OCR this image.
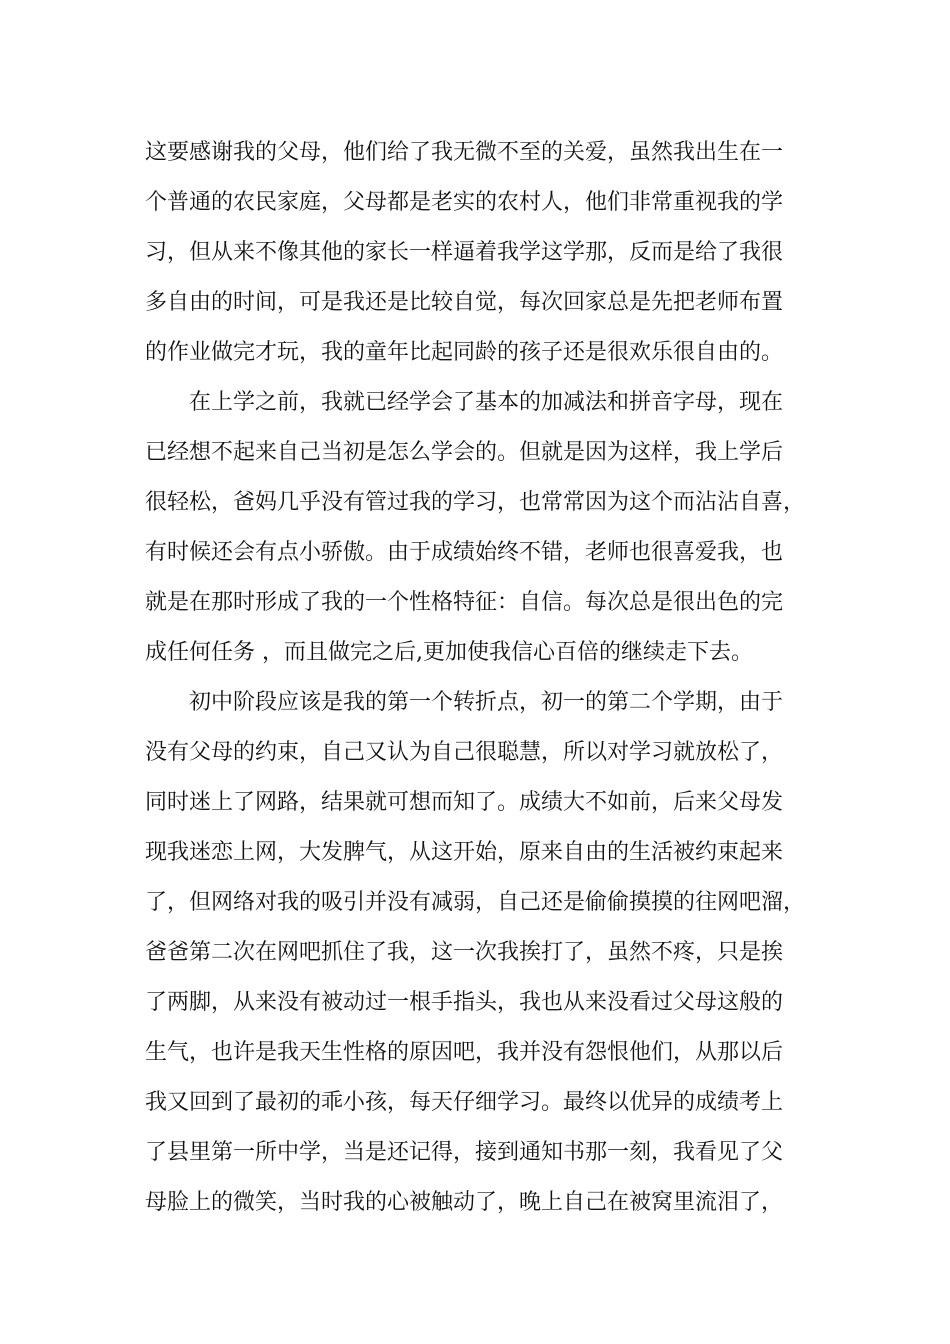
这要感谢我的父母，他们给了我无微不至的关爱，虽然我出生在一
个普通的农民家庭，父母都是老实的农村人，他们非常重视我的学
习，但从来不像其他的家长一样逼着我学这学那，反而是给了我很
多自由的时间，可是我还是比较自觉，每次回家总是先把老师布置
的作业做完才玩，我的童年比起同龄的孩子还是很欢乐很自由的。
在上学之前，我就已经学会了基本的加减法和拼音字母，现在
已经想不起来自己当初是怎么学会的。但就是因为这样，我上学后
很轻松，爸妈几乎没有管过我的学习，也常常因为这个而沾沾自喜，
有时候还会有点小骄傲。由于成绩始终不错，老师也很喜爱我，也
就是在那时形成了我的一个性格特征：自信。每次总是很出色的完
成任何任务 ，而且做完之后,更加使我信心百倍的继续走下去。
初中阶段应该是我的第一个转折点，初一的第二个学期，由于
没有父母的约束，自己又认为自己很聪慧，所以对学习就放松了，
同时迷上了网路，结果就可想而知了。成绩大不如前，后来父母发
现我迷恋上网，大发脾气，从这开始，原来自由的生活被约束起来
了，但网络对我的吸引并没有减弱，自己还是偷偷摸摸的往网吧溜，
爸爸第二次在网吧抓住了我，这一次我挨打了，虽然不疼，只是挨
了两脚，从来没有被动过一根手指头，我也从来没看过父母这般的
生气，也许是我天生性格的原因吧，我并没有怨恨他们，从那以后
我又回到了最初的乖小孩，每天仔细学习。最终以优异的成绩考上
了县里第一所中学，当是还记得，接到通知书那一刻，我看见了父
母脸上的微笑，当时我的心被触动了，晚上自己在被窝里流泪了，
